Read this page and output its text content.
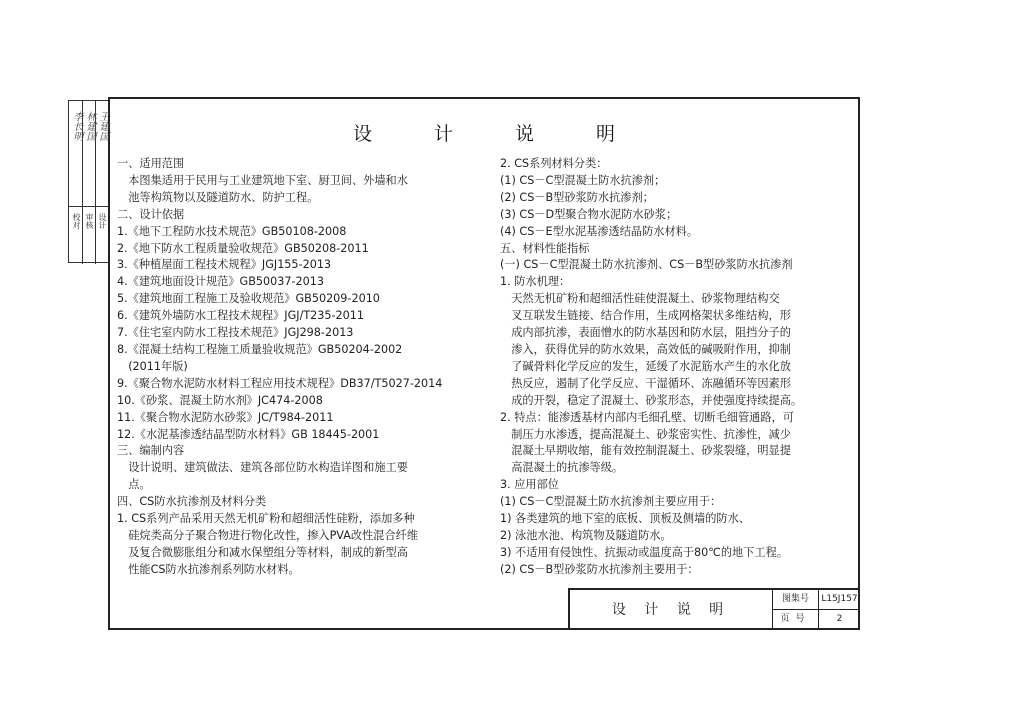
设 计 说 明
一、适用范围
　本图集适用于民用与工业建筑地下室、厨卫间、外墙和水
　池等构筑物以及隧道防水、防护工程。
二、设计依据
1.《地下工程防水技术规范》GB50108-2008
2.《地下防水工程质量验收规范》GB50208-2011
3.《种植屋面工程技术规程》JGJ155-2013
4.《建筑地面设计规范》GB50037-2013
5.《建筑地面工程施工及验收规范》GB50209-2010
6.《建筑外墙防水工程技术规程》JGJ/T235-2011
7.《住宅室内防水工程技术规范》JGJ298-2013
8.《混凝土结构工程施工质量验收规范》GB50204-2002
　(2011年版)
9.《聚合物水泥防水材料工程应用技术规程》DB37/T5027-2014
10.《砂浆、混凝土防水剂》JC474-2008
11.《聚合物水泥防水砂浆》JC/T984-2011
12.《水泥基渗透结晶型防水材料》GB 18445-2001
三、编制内容
　设计说明、建筑做法、建筑各部位防水构造详图和施工要
　点。
四、CS防水抗渗剂及材料分类
1. CS系列产品采用天然无机矿粉和超细活性硅粉，添加多种
　硅烷类高分子聚合物进行物化改性，掺入PVA改性混合纤维
　及复合微膨胀组分和减水保塑组分等材料，制成的新型高
　性能CS防水抗渗剂系列防水材料。
2. CS系列材料分类：
(1) CS－C型混凝土防水抗渗剂；
(2) CS－B型砂浆防水抗渗剂；
(3) CS－D型聚合物水泥防水砂浆；
(4) CS－E型水泥基渗透结晶防水材料。
五、材料性能指标
(一) CS－C型混凝土防水抗渗剂、CS－B型砂浆防水抗渗剂
1. 防水机理：
　天然无机矿粉和超细活性硅使混凝土、砂浆物理结构交
　叉互联发生链接、结合作用，生成网格架状多维结构，形
　成内部抗渗，表面憎水的防水基因和防水层，阻挡分子的
　渗入，获得优异的防水效果，高效低的碱吸附作用，抑制
　了碱骨料化学反应的发生，延缓了水泥筋水产生的水化放
　热反应，遏制了化学反应、干湿循环、冻融循环等因素形
　成的开裂，稳定了混凝土、砂浆形态，并使强度持续提高。
2. 特点：能渗透基材内部内毛细孔壁、切断毛细管通路，可
　制压力水渗透，提高混凝土、砂浆密实性、抗渗性，减少
　混凝土早期收缩，能有效控制混凝土、砂浆裂缝，明显提
　高混凝土的抗渗等级。
3. 应用部位
(1) CS－C型混凝土防水抗渗剂主要应用于：
1) 各类建筑的地下室的底板、顶板及侧墙的防水、
2) 泳池水池、构筑物及隧道防水。
3) 不适用有侵蚀性、抗振动或温度高于80℃的地下工程。
(2) CS－B型砂浆防水抗渗剂主要用于：
校对 审核 设计
李长明 林建国 王建国
设 计 说 明
图集号	L15J157
页号	2
